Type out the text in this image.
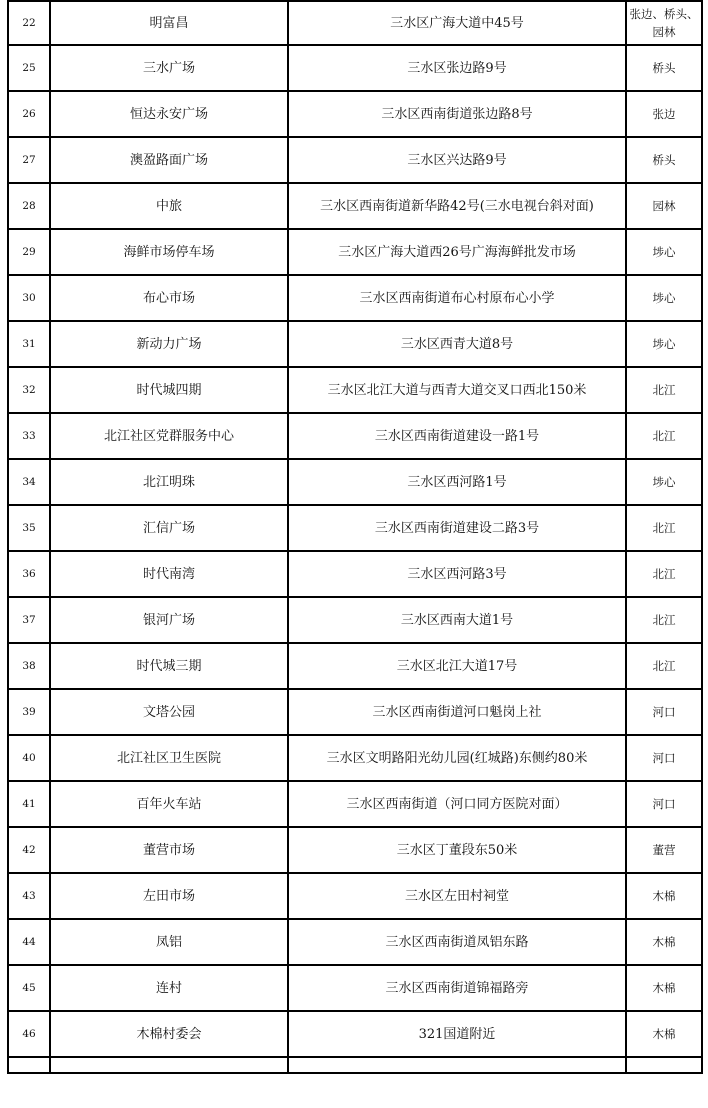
22	明富昌	三水区广海大道中45号	张边、桥头、园林
25	三水广场	三水区张边路9号	桥头
26	恒达永安广场	三水区西南街道张边路8号	张边
27	澳盈路面广场	三水区兴达路9号	桥头
28	中旅	三水区西南街道新华路42号(三水电视台斜对面)	园林
29	海鲜市场停车场	三水区广海大道西26号广海海鲜批发市场	埗心
30	布心市场	三水区西南街道布心村原布心小学	埗心
31	新动力广场	三水区西青大道8号	埗心
32	时代城四期	三水区北江大道与西青大道交叉口西北150米	北江
33	北江社区党群服务中心	三水区西南街道建设一路1号	北江
34	北江明珠	三水区西河路1号	埗心
35	汇信广场	三水区西南街道建设二路3号	北江
36	时代南湾	三水区西河路3号	北江
37	银河广场	三水区西南大道1号	北江
38	时代城三期	三水区北江大道17号	北江
39	文塔公园	三水区西南街道河口魁岗上社	河口
40	北江社区卫生医院	三水区文明路阳光幼儿园(红城路)东侧约80米	河口
41	百年火车站	三水区西南街道（河口同方医院对面）	河口
42	董营市场	三水区丁董段东50米	董营
43	左田市场	三水区左田村祠堂	木棉
44	凤铝	三水区西南街道凤铝东路	木棉
45	连村	三水区西南街道锦福路旁	木棉
46	木棉村委会	321国道附近	木棉
